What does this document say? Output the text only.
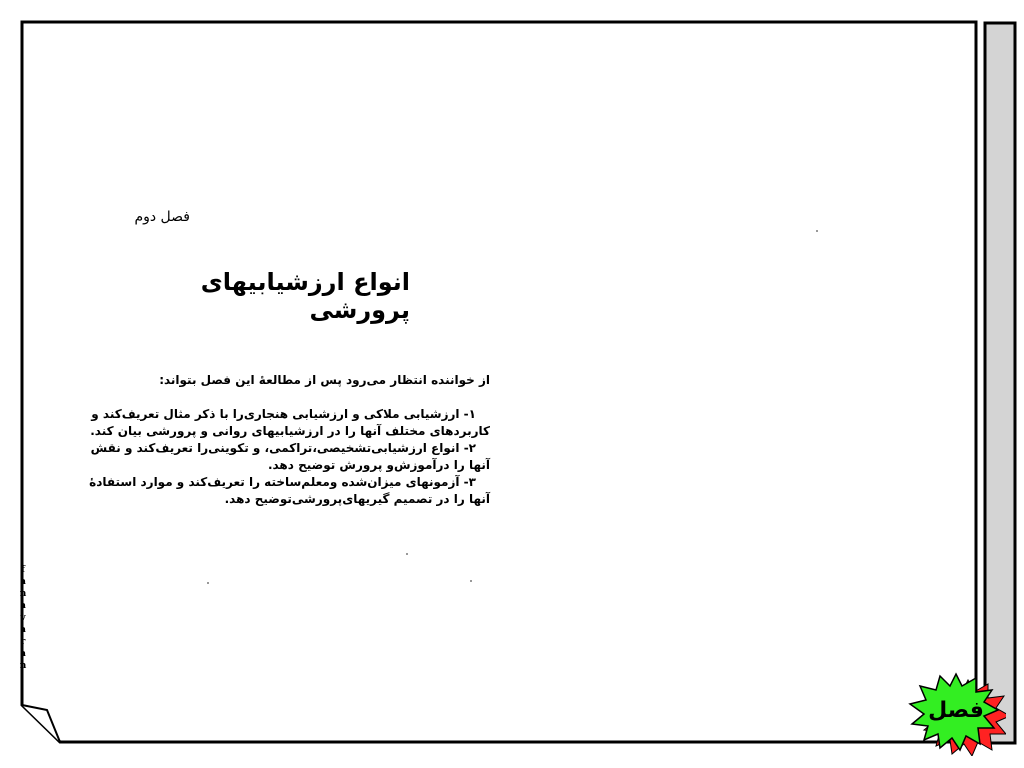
فصل دوم
انواع ارزشیابیهای پرورشی
از خواننده انتظار می‌رود پس از مطالعهٔ این فصل بتواند:
۱- ارزشیابی ملاکی و ارزشیابی هنجاری‌را با ذکر مثال تعریف‌کند و
کاربردهای مختلف آنها را در ارزشیابیهای روانی و پرورشی بیان کند.
۲- انواع ارزشیابی‌تشخیصی،تراکمی، و تکوینی‌را تعریف‌کند و نقش
آنها را درآموزش‌و پرورش توضیح دهد.
۳- آزمونهای میزان‌شده ومعلم‌ساخته را تعریف‌کند و موارد استفادهٔ
آنها را در تصمیم گیریهای‌پرورشی‌توضیح دهد.
f
a
n
a
v
a
r
a
n
فصل
